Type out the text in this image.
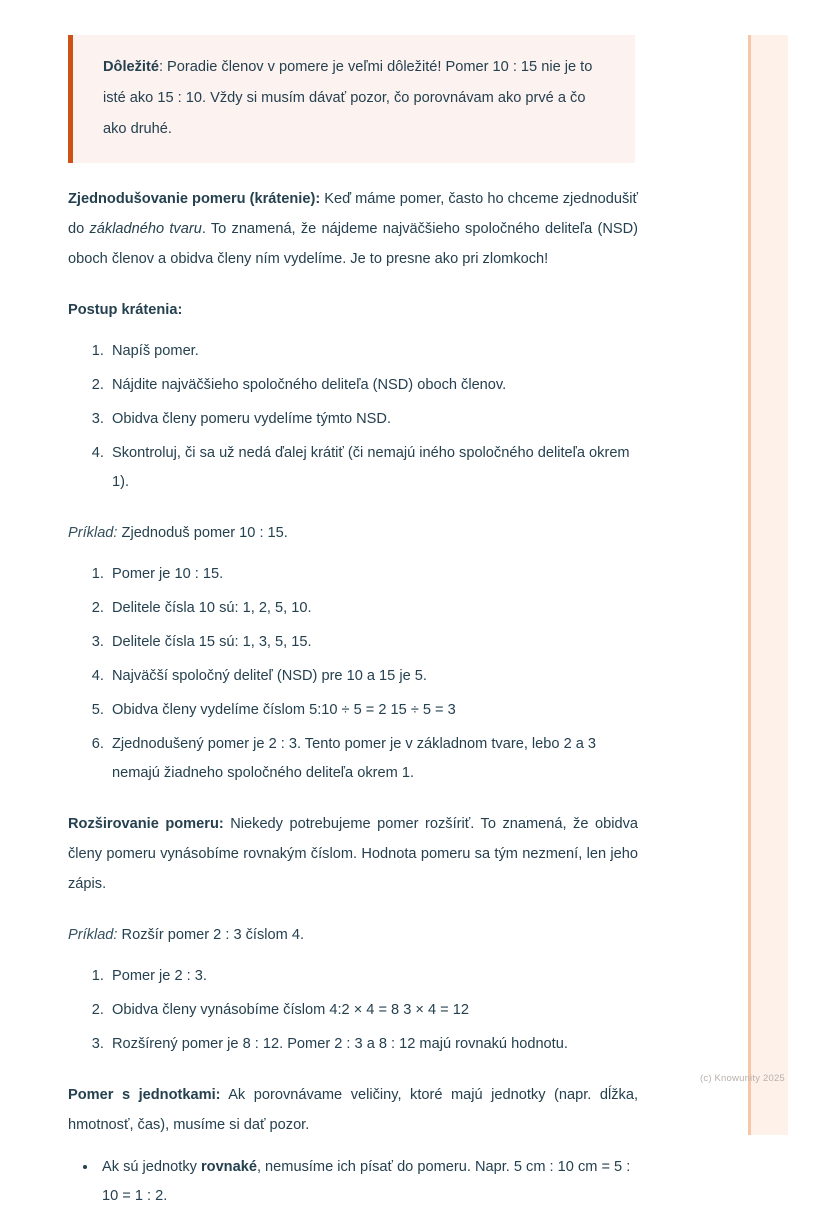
Dôležité: Poradie členov v pomere je veľmi dôležité! Pomer 10 : 15 nie je to isté ako 15 : 10. Vždy si musím dávať pozor, čo porovnávam ako prvé a čo ako druhé.

Zjednodušovanie pomeru (krátenie): Keď máme pomer, často ho chceme zjednodušiť do základného tvaru. To znamená, že nájdeme najväčšieho spoločného deliteľa (NSD) oboch členov a obidva členy ním vydelíme. Je to presne ako pri zlomkoch!

Postup krátenia:

1. Napíš pomer.
2. Nájdite najväčšieho spoločného deliteľa (NSD) oboch členov.
3. Obidva členy pomeru vydelíme týmto NSD.
4. Skontroluj, či sa už nedá ďalej krátiť (či nemajú iného spoločného deliteľa okrem 1).

Príklad: Zjednoduš pomer 10 : 15.

1. Pomer je 10 : 15.
2. Delitele čísla 10 sú: 1, 2, 5, 10.
3. Delitele čísla 15 sú: 1, 3, 5, 15.
4. Najväčší spoločný deliteľ (NSD) pre 10 a 15 je 5.
5. Obidva členy vydelíme číslom 5:10 ÷ 5 = 2 15 ÷ 5 = 3
6. Zjednodušený pomer je 2 : 3. Tento pomer je v základnom tvare, lebo 2 a 3 nemajú žiadneho spoločného deliteľa okrem 1.

Rozširovanie pomeru: Niekedy potrebujeme pomer rozšíriť. To znamená, že obidva členy pomeru vynásobíme rovnakým číslom. Hodnota pomeru sa tým nezmení, len jeho zápis.

Príklad: Rozšír pomer 2 : 3 číslom 4.

1. Pomer je 2 : 3.
2. Obidva členy vynásobíme číslom 4:2 × 4 = 8 3 × 4 = 12
3. Rozšírený pomer je 8 : 12. Pomer 2 : 3 a 8 : 12 majú rovnakú hodnotu.

Pomer s jednotkami: Ak porovnávame veličiny, ktoré majú jednotky (napr. dĺžka, hmotnosť, čas), musíme si dať pozor.

• Ak sú jednotky rovnaké, nemusíme ich písať do pomeru. Napr. 5 cm : 10 cm = 5 : 10 = 1 : 2.
(c) Knowunity 2025
